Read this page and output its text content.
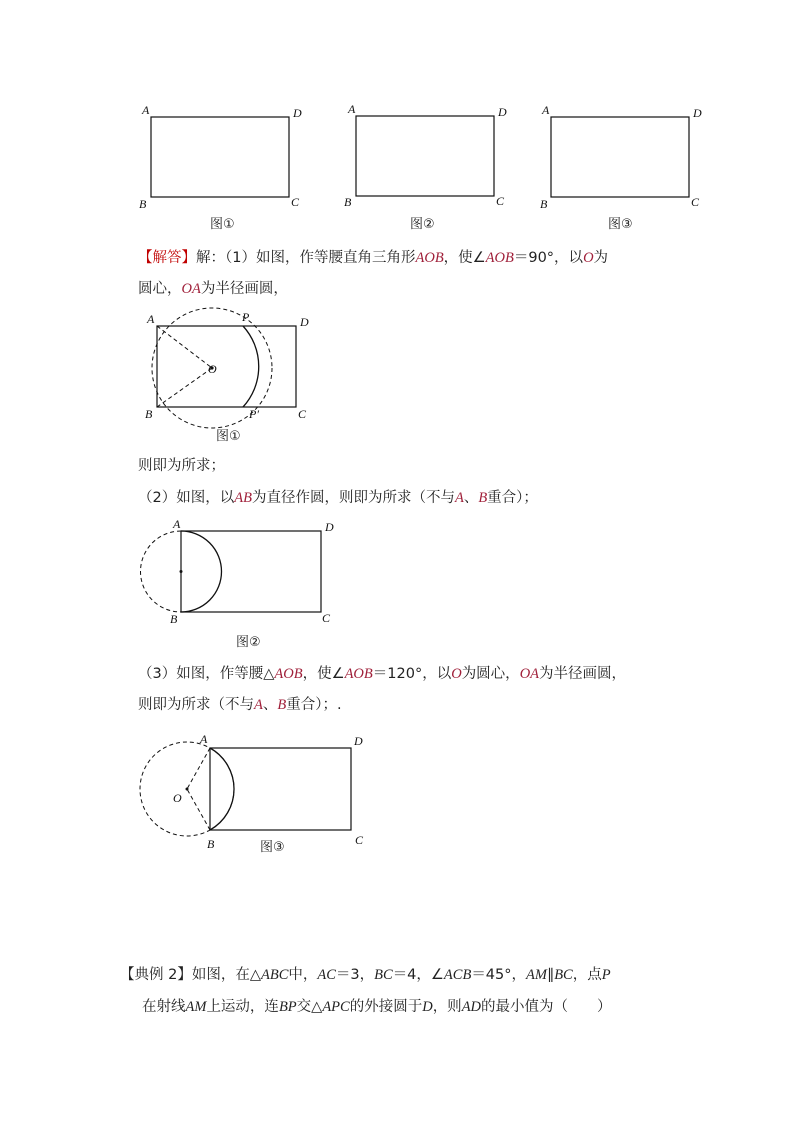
A	D
B	C
图①
A	D
B	C
图②
A	D
B	C
图③
【解答】解：（1）如图，作等腰直角三角形AOB，使∠AOB＝90°，以O为
圆心，OA为半径画圆，
A	P	D
O
B	P′	C
图①
则即为所求；
（2）如图，以AB为直径作圆，则即为所求（不与A、B重合）；
A	D
B	C
图②
（3）如图，作等腰△AOB，使∠AOB＝120°，以O为圆心，OA为半径画圆，
则即为所求（不与A、B重合）；.
A	D
O
B	C
图③
【典例 2】如图，在△ABC中，AC＝3，BC＝4，∠ACB＝45°，AM∥BC，点P
在射线AM上运动，连BP交△APC的外接圆于D，则AD的最小值为（　　）
